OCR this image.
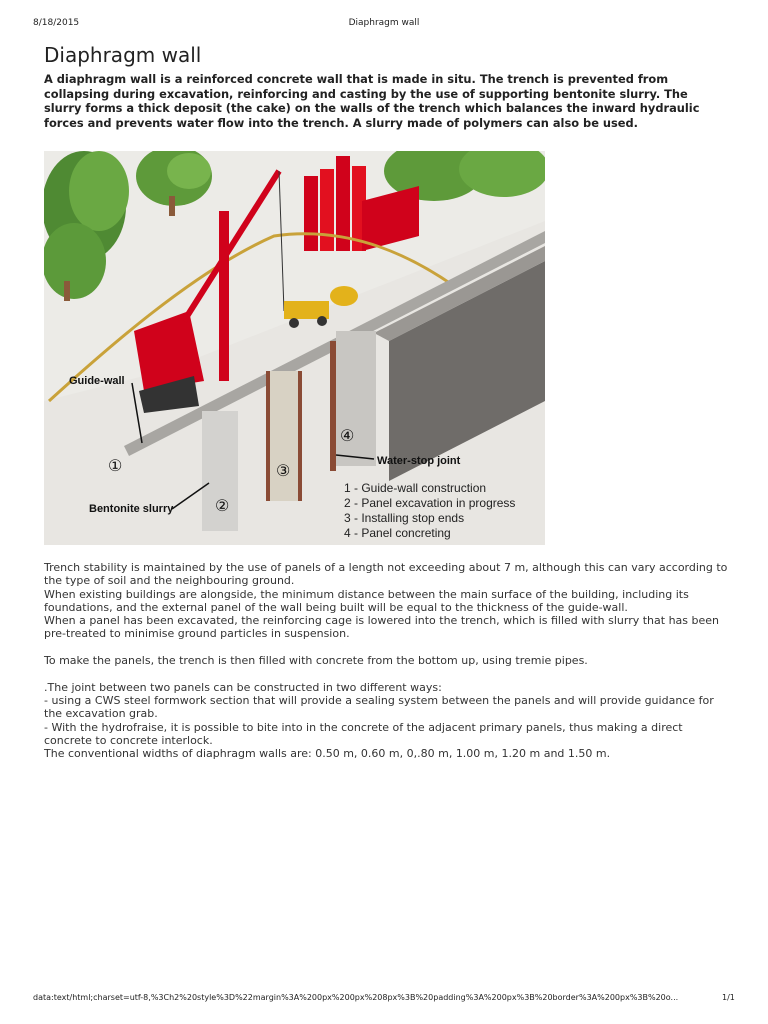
8/18/2015	Diaphragm wall
Diaphragm wall

A diaphragm wall is a reinforced concrete wall that is made in situ. The trench is prevented from collapsing during excavation, reinforcing and casting by the use of supporting bentonite slurry. The slurry forms a thick deposit (the cake) on the walls of the trench which balances the inward hydraulic forces and prevents water flow into the trench. A slurry made of polymers can also be used.

Guide-wall
Bentonite slurry
Water-stop joint
①
②
③
④
1 - Guide-wall construction
2 - Panel excavation in progress
3 - Installing stop ends
4 - Panel concreting

Trench stability is maintained by the use of panels of a length not exceeding about 7 m, although this can vary according to the type of soil and the neighbouring ground.

When existing buildings are alongside, the minimum distance between the main surface of the building, including its foundations, and the external panel of the wall being built will be equal to the thickness of the guide-wall.

When a panel has been excavated, the reinforcing cage is lowered into the trench, which is filled with slurry that has been pre-treated to minimise ground particles in suspension.

To make the panels, the trench is then filled with concrete from the bottom up, using tremie pipes.

.The joint between two panels can be constructed in two different ways:

- using a CWS steel formwork section that will provide a sealing system between the panels and will provide guidance for the excavation grab.

- With the hydrofraise, it is possible to bite into in the concrete of the adjacent primary panels, thus making a direct concrete to concrete interlock.

The conventional widths of diaphragm walls are: 0.50 m, 0.60 m, 0,.80 m, 1.00 m, 1.20 m and 1.50 m.

data:text/html;charset=utf-8,%3Ch2%20style%3D%22margin%3A%200px%200px%208px%3B%20padding%3A%200px%3B%20border%3A%200px%3B%20o...	1/1
